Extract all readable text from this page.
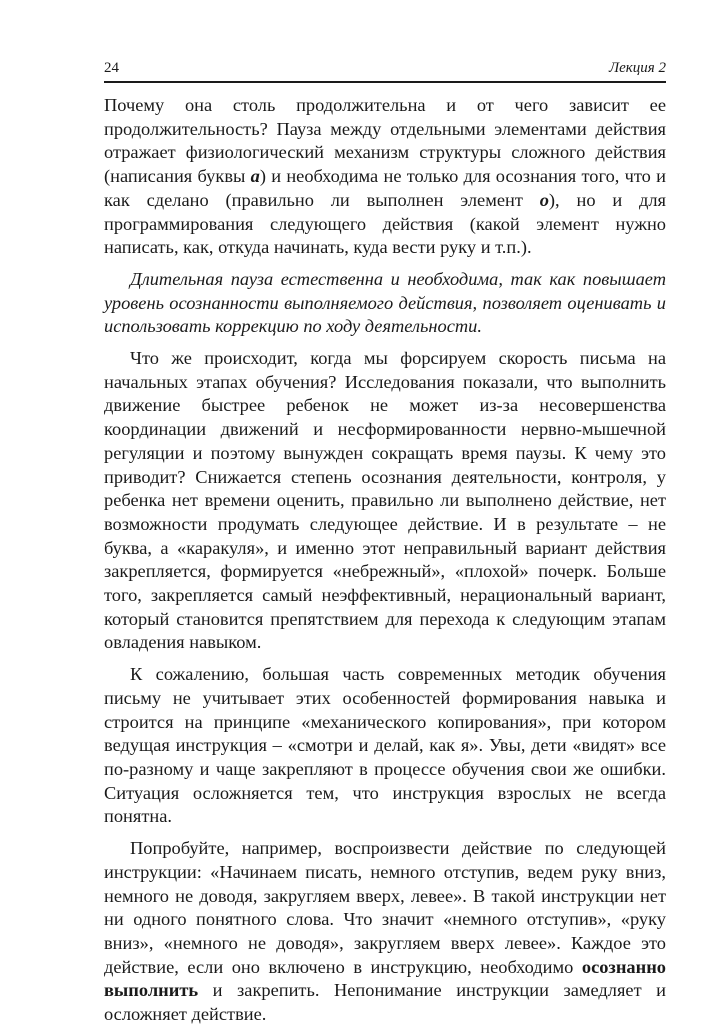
24	Лекция 2

Почему она столь продолжительна и от чего зависит ее продолжительность? Пауза между отдельными элементами действия отражает физиологический механизм структуры сложного действия (написания буквы а) и необходима не только для осознания того, что и как сделано (правильно ли выполнен элемент о), но и для программирования следующего действия (какой элемент нужно написать, как, откуда начинать, куда вести руку и т.п.).

Длительная пауза естественна и необходима, так как повышает уровень осознанности выполняемого действия, позволяет оценивать и использовать коррекцию по ходу деятельности.

Что же происходит, когда мы форсируем скорость письма на начальных этапах обучения? Исследования показали, что выполнить движение быстрее ребенок не может из-за несовершенства координации движений и несформированности нервно-мышечной регуляции и поэтому вынужден сокращать время паузы. К чему это приводит? Снижается степень осознания деятельности, контроля, у ребенка нет времени оценить, правильно ли выполнено действие, нет возможности продумать следующее действие. И в результате – не буква, а «каракуля», и именно этот неправильный вариант действия закрепляется, формируется «небрежный», «плохой» почерк. Больше того, закрепляется самый неэффективный, нерациональный вариант, который становится препятствием для перехода к следующим этапам овладения навыком.

К сожалению, большая часть современных методик обучения письму не учитывает этих особенностей формирования навыка и строится на принципе «механического копирования», при котором ведущая инструкция – «смотри и делай, как я». Увы, дети «видят» все по-разному и чаще закрепляют в процессе обучения свои же ошибки. Ситуация осложняется тем, что инструкция взрослых не всегда понятна.

Попробуйте, например, воспроизвести действие по следующей инструкции: «Начинаем писать, немного отступив, ведем руку вниз, немного не доводя, закругляем вверх, левее». В такой инструкции нет ни одного понятного слова. Что значит «немного отступив», «руку вниз», «немного не доводя», закругляем вверх левее». Каждое это действие, если оно включено в инструкцию, необходимо осознанно выполнить и закрепить. Непонимание инструкции замедляет и осложняет действие.
